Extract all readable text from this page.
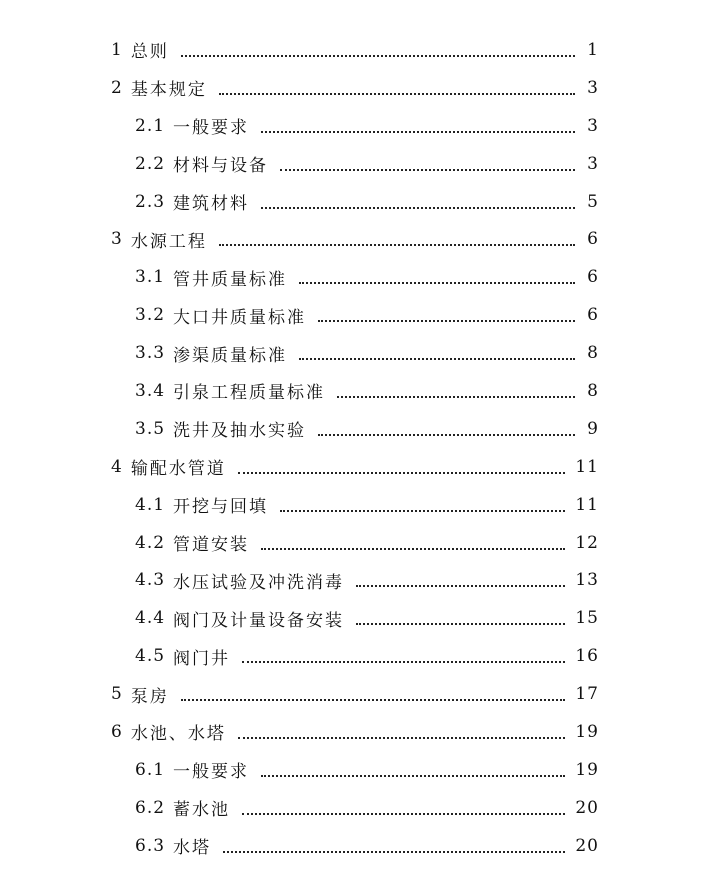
1 总则	1
2 基本规定	3
2.1 一般要求	3
2.2 材料与设备	3
2.3 建筑材料	5
3 水源工程	6
3.1 管井质量标准	6
3.2 大口井质量标准	6
3.3 渗渠质量标准	8
3.4 引泉工程质量标准	8
3.5 洗井及抽水实验	9
4 输配水管道	11
4.1 开挖与回填	11
4.2 管道安装	12
4.3 水压试验及冲洗消毒	13
4.4 阀门及计量设备安装	15
4.5 阀门井	16
5 泵房	17
6 水池、水塔	19
6.1 一般要求	19
6.2 蓄水池	20
6.3 水塔	20
